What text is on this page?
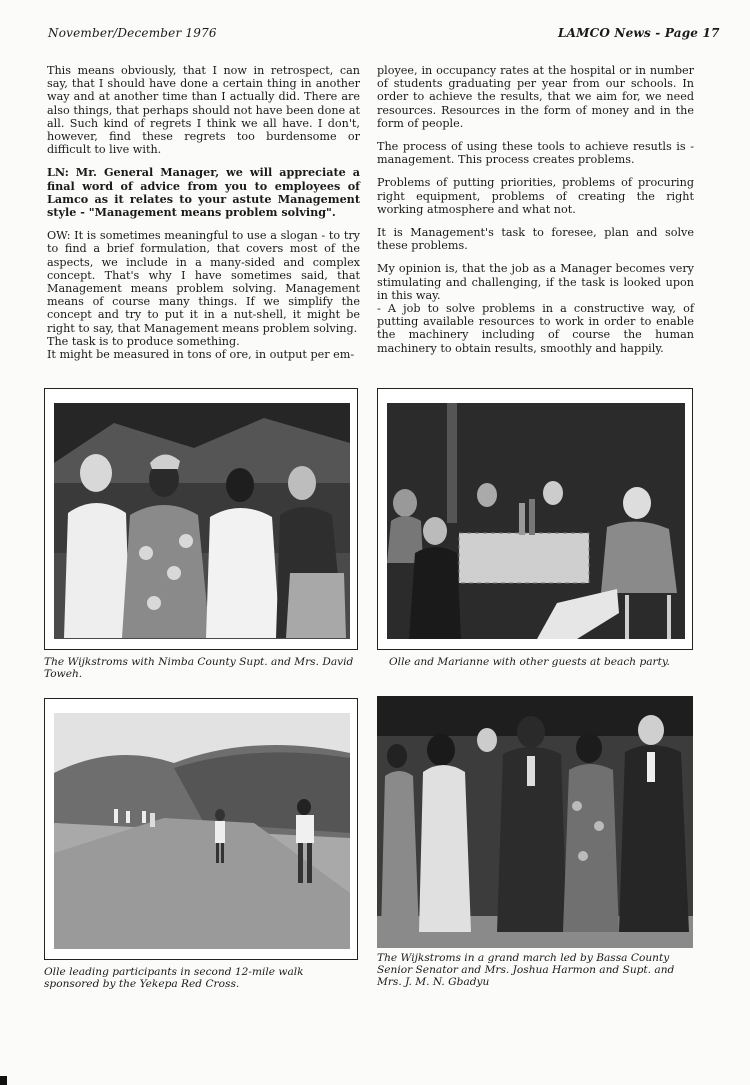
November/December 1976	LAMCO News - Page 17

This means obviously, that I now in retrospect, can say, that I should have done a certain thing in another way and at another time than I actually did. There are also things, that perhaps should not have been done at all. Such kind of regrets I think we all have. I don't, however, find these regrets too burdensome or difficult to live with.

LN: Mr. General Manager, we will appreciate a final word of advice from you to employees of Lamco as it relates to your astute Management style - "Management means problem solving".

OW: It is sometimes meaningful to use a slogan - to try to find a brief formulation, that covers most of the aspects, we include in a many-sided and complex concept. That's why I have sometimes said, that Management means problem solving. Management means of course many things. If we simplify the concept and try to put it in a nut-shell, it might be right to say, that Management means problem solving.

The task is to produce something.

It might be measured in tons of ore, in output per em-

ployee, in occupancy rates at the hospital or in number of students graduating per year from our schools. In order to achieve the results, that we aim for, we need resources. Resources in the form of money and in the form of people.

The process of using these tools to achieve resutls is - management. This process creates problems.

Problems of putting priorities, problems of procuring right equipment, problems of creating the right working atmosphere and what not.

It is Management's task to foresee, plan and solve these problems.

My opinion is, that the job as a Manager becomes very stimulating and challenging, if the task is looked upon in this way.

- A job to solve problems in a constructive way, of putting available resources to work in order to enable the machinery including of course the human machinery to obtain results, smoothly and happily.

The Wijkstroms with Nimba County Supt. and Mrs. David Toweh.
Olle and Marianne with other guests at beach party.
Olle leading participants in second 12-mile walk sponsored by the Yekepa Red Cross.
The Wijkstroms in a grand march led by Bassa County Senior Senator and Mrs. Joshua Harmon and Supt. and Mrs. J. M. N. Gbadyu
